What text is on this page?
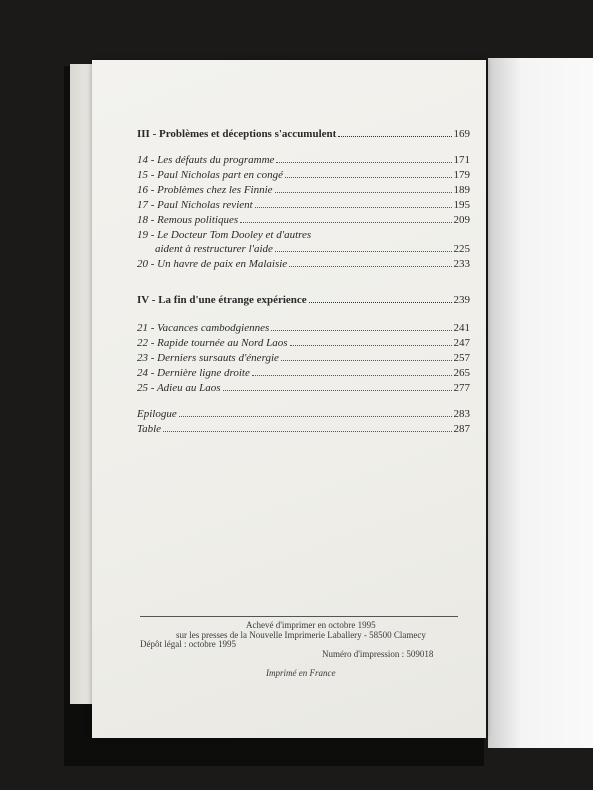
III - Problèmes et déceptions s'accumulent	169
14 - Les défauts du programme	171
15 - Paul Nicholas part en congé	179
16 - Problèmes chez les Finnie	189
17 - Paul Nicholas revient	195
18 - Remous politiques	209
19 - Le Docteur Tom Dooley et d'autres
aident à restructurer l'aide	225
20 - Un havre de paix en Malaisie	233
IV - La fin d'une étrange expérience	239
21 - Vacances cambodgiennes	241
22 - Rapide tournée au Nord Laos	247
23 - Derniers sursauts d'énergie	257
24 - Dernière ligne droite	265
25 - Adieu au Laos	277
Epilogue	283
Table	287
Achevé d'imprimer en octobre 1995
sur les presses de la Nouvelle Imprimerie Laballery - 58500 Clamecy
Dépôt légal : octobre 1995
Numéro d'impression : 509018
Imprimé en France
